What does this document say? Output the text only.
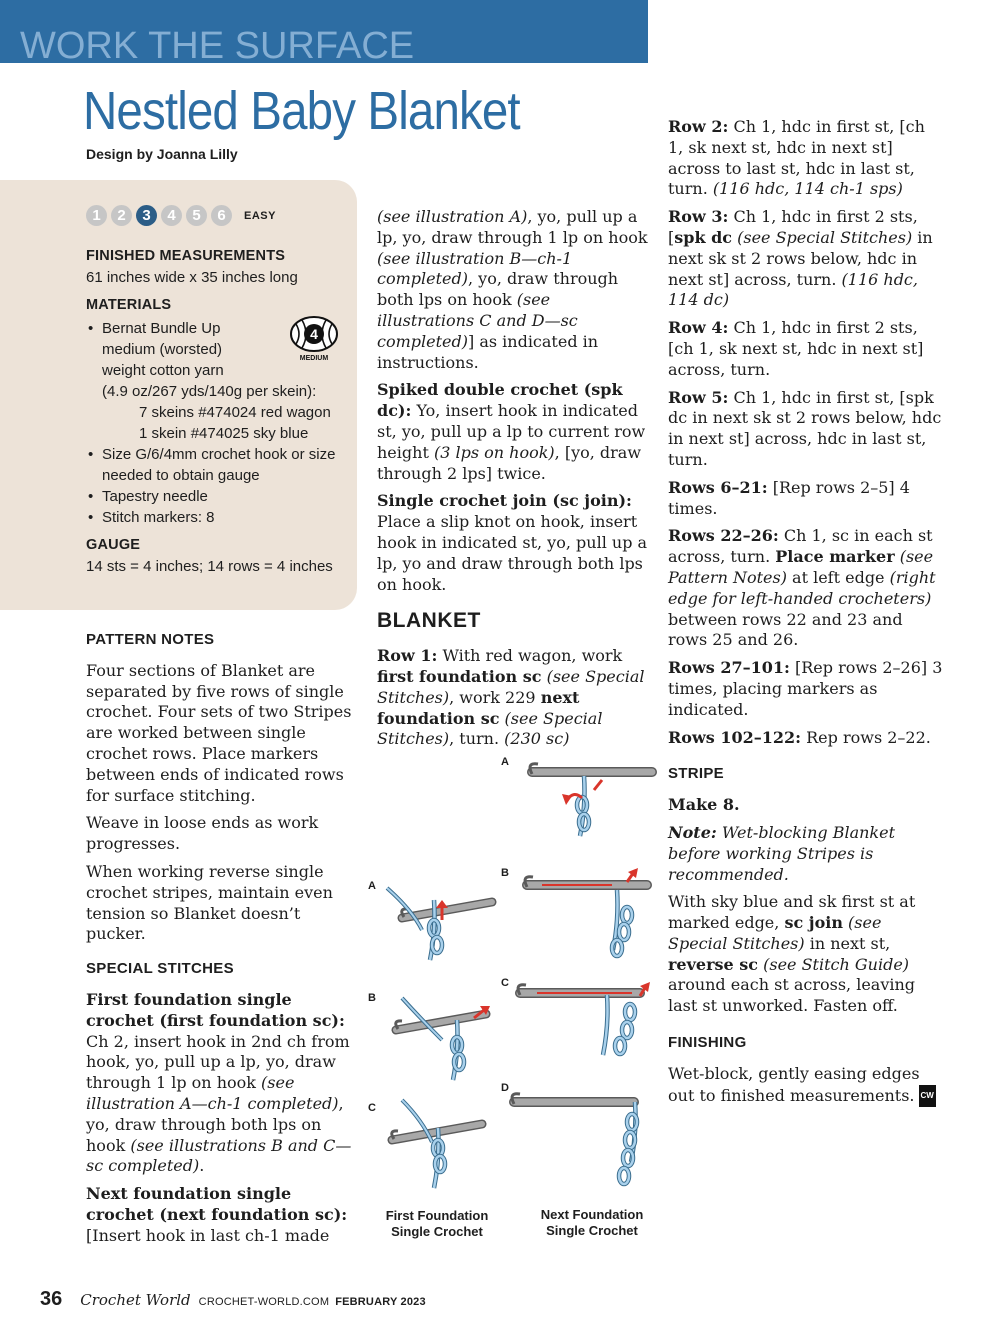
WORK THE SURFACE
Nestled Baby Blanket
Design by Joanna Lilly
1	2	3	4	5	6	EASY
FINISHED MEASUREMENTS
61 inches wide x 35 inches long
MATERIALS
• Bernat Bundle Up
medium (worsted)
weight cotton yarn
(4.9 oz/267 yds/140g per skein):
7 skeins #474024 red wagon
1 skein #474025 sky blue
• Size G/6/4mm crochet hook or size needed to obtain gauge
• Tapestry needle
• Stitch markers: 8
GAUGE
14 sts = 4 inches; 14 rows = 4 inches
4
MEDIUM
PATTERN NOTES

Four sections of Blanket are separated by five rows of single crochet. Four sets of two Stripes are worked between single crochet rows. Place markers between ends of indicated rows for surface stitching.

Weave in loose ends as work progresses.

When working reverse single crochet stripes, maintain even tension so Blanket doesn’t pucker.

SPECIAL STITCHES

First foundation single crochet (first foundation sc): Ch 2, insert hook in 2nd ch from hook, yo, pull up a lp, yo, draw through 1 lp on hook (see illustration A—ch-1 completed), yo, draw through both lps on hook (see illustrations B and C—sc completed).

Next foundation single crochet (next foundation sc): [Insert hook in last ch-1 made

(see illustration A), yo, pull up a lp, yo, draw through 1 lp on hook (see illustration B—ch-1 completed), yo, draw through both lps on hook (see illustrations C and D—sc completed)] as indicated in instructions.

Spiked double crochet (spk dc): Yo, insert hook in indicated st, yo, pull up a lp to current row height (3 lps on hook), [yo, draw through 2 lps] twice.

Single crochet join (sc join): Place a slip knot on hook, insert hook in indicated st, yo, pull up a lp, yo and draw through both lps on hook.

BLANKET

Row 1: With red wagon, work first foundation sc (see Special Stitches), work 229 next foundation sc (see Special Stitches), turn. (230 sc)

A
B
C
D
A
B
C
First Foundation
Single Crochet
Next Foundation
Single Crochet

Row 2: Ch 1, hdc in first st, [ch 1, sk next st, hdc in next st] across to last st, hdc in last st, turn. (116 hdc, 114 ch-1 sps)

Row 3: Ch 1, hdc in first 2 sts, [spk dc (see Special Stitches) in next sk st 2 rows below, hdc in next st] across, turn. (116 hdc, 114 dc)

Row 4: Ch 1, hdc in first 2 sts, [ch 1, sk next st, hdc in next st] across, turn.

Row 5: Ch 1, hdc in first st, [spk dc in next sk st 2 rows below, hdc in next st] across, hdc in last st, turn.

Rows 6–21: [Rep rows 2–5] 4 times.

Rows 22–26: Ch 1, sc in each st across, turn. Place marker (see Pattern Notes) at left edge (right edge for left-handed crocheters) between rows 22 and 23 and rows 25 and 26.

Rows 27–101: [Rep rows 2–26] 3 times, placing markers as indicated.

Rows 102–122: Rep rows 2–22.

STRIPE

Make 8.

Note: Wet-blocking Blanket before working Stripes is recommended.

With sky blue and sk first st at marked edge, sc join (see Special Stitches) in next st, reverse sc (see Stitch Guide) around each st across, leaving last st unworked. Fasten off.

FINISHING

Wet-block, gently easing edges out to finished measurements. CW

36 Crochet World CROCHET-WORLD.COM FEBRUARY 2023
